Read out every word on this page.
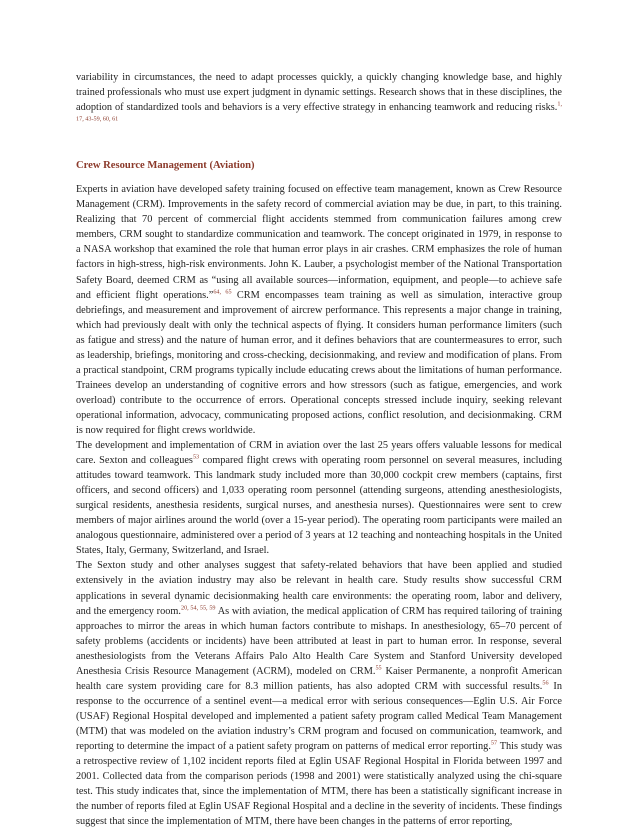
variability in circumstances, the need to adapt processes quickly, a quickly changing knowledge base, and highly trained professionals who must use expert judgment in dynamic settings. Research shows that in these disciplines, the adoption of standardized tools and behaviors is a very effective strategy in enhancing teamwork and reducing risks.$^{1, 17, 43-59, 60, 61}$

Crew Resource Management (Aviation)

Experts in aviation have developed safety training focused on effective team management, known as Crew Resource Management (CRM). Improvements in the safety record of commercial aviation may be due, in part, to this training. Realizing that 70 percent of commercial flight accidents stemmed from communication failures among crew members, CRM sought to standardize communication and teamwork. The concept originated in 1979, in response to a NASA workshop that examined the role that human error plays in air crashes. CRM emphasizes the role of human factors in high-stress, high-risk environments. John K. Lauber, a psychologist member of the National Transportation Safety Board, deemed CRM as “using all available sources—information, equipment, and people—to achieve safe and efficient flight operations.”$^{64, 65}$ CRM encompasses team training as well as simulation, interactive group debriefings, and measurement and improvement of aircrew performance. This represents a major change in training, which had previously dealt with only the technical aspects of flying. It considers human performance limiters (such as fatigue and stress) and the nature of human error, and it defines behaviors that are countermeasures to error, such as leadership, briefings, monitoring and cross-checking, decisionmaking, and review and modification of plans. From a practical standpoint, CRM programs typically include educating crews about the limitations of human performance. Trainees develop an understanding of cognitive errors and how stressors (such as fatigue, emergencies, and work overload) contribute to the occurrence of errors. Operational concepts stressed include inquiry, seeking relevant operational information, advocacy, communicating proposed actions, conflict resolution, and decisionmaking. CRM is now required for flight crews worldwide.

The development and implementation of CRM in aviation over the last 25 years offers valuable lessons for medical care. Sexton and colleagues$^{53}$ compared flight crews with operating room personnel on several measures, including attitudes toward teamwork. This landmark study included more than 30,000 cockpit crew members (captains, first officers, and second officers) and 1,033 operating room personnel (attending surgeons, attending anesthesiologists, surgical residents, anesthesia residents, surgical nurses, and anesthesia nurses). Questionnaires were sent to crew members of major airlines around the world (over a 15-year period). The operating room participants were mailed an analogous questionnaire, administered over a period of 3 years at 12 teaching and nonteaching hospitals in the United States, Italy, Germany, Switzerland, and Israel.

The Sexton study and other analyses suggest that safety-related behaviors that have been applied and studied extensively in the aviation industry may also be relevant in health care. Study results show successful CRM applications in several dynamic decisionmaking health care environments: the operating room, labor and delivery, and the emergency room.$^{20, 54, 55, 59}$ As with aviation, the medical application of CRM has required tailoring of training approaches to mirror the areas in which human factors contribute to mishaps. In anesthesiology, 65–70 percent of safety problems (accidents or incidents) have been attributed at least in part to human error. In response, several anesthesiologists from the Veterans Affairs Palo Alto Health Care System and Stanford University developed Anesthesia Crisis Resource Management (ACRM), modeled on CRM.$^{55}$ Kaiser Permanente, a nonprofit American health care system providing care for 8.3 million patients, has also adopted CRM with successful results.$^{56}$ In response to the occurrence of a sentinel event—a medical error with serious consequences—Eglin U.S. Air Force (USAF) Regional Hospital developed and implemented a patient safety program called Medical Team Management (MTM) that was modeled on the aviation industry’s CRM program and focused on communication, teamwork, and reporting to determine the impact of a patient safety program on patterns of medical error reporting.$^{57}$ This study was a retrospective review of 1,102 incident reports filed at Eglin USAF Regional Hospital in Florida between 1997 and 2001. Collected data from the comparison periods (1998 and 2001) were statistically analyzed using the chi-square test. This study indicates that, since the implementation of MTM, there has been a statistically significant increase in the number of reports filed at Eglin USAF Regional Hospital and a decline in the severity of incidents. These findings suggest that since the implementation of MTM, there have been changes in the patterns of error reporting,
